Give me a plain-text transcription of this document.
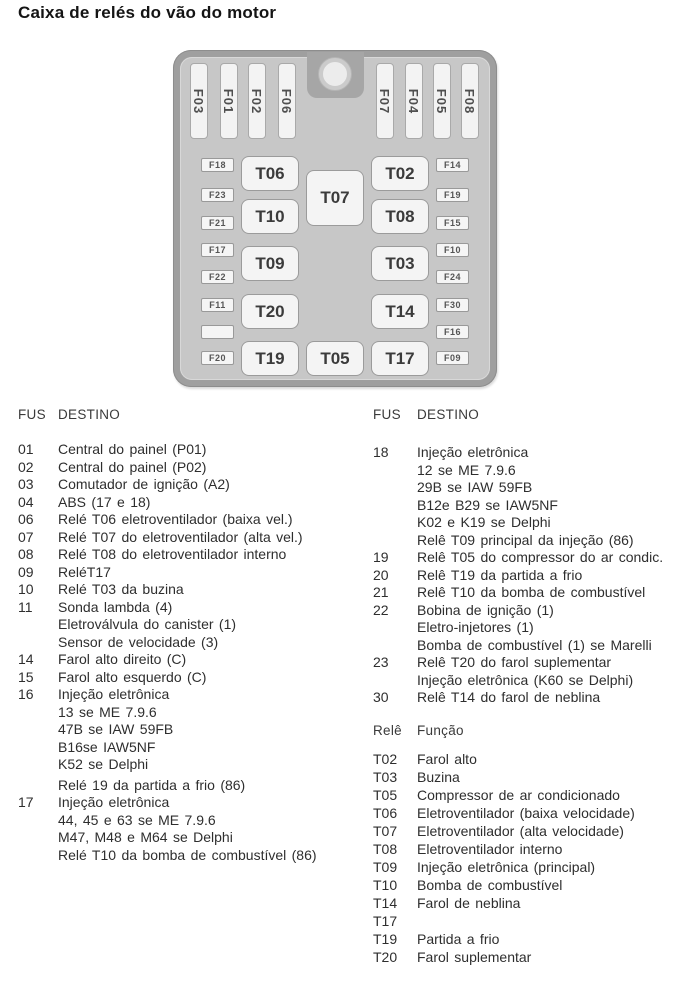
Caixa de relés do vão do motor
F03 F01 F02 F06	F07 F04 F05 F08
F18
F23
F21
F17
F22
F11
F20
F14
F19
F15
F10
F24
F30
F16
F09
T06
T10
T09
T20
T19
T02
T08
T03
T14
T17
T07
T05
FUS DESTINO
01	Central do painel (P01)
02	Central do painel (P02)
03	Comutador de ignição (A2)
04	ABS (17 e 18)
06	Relé T06 eletroventilador (baixa vel.)
07	Relé T07 do eletroventilador (alta vel.)
08	Relé T08 do eletroventilador interno
09	ReléT17
10	Relé T03 da buzina
11	Sonda lambda (4)
Eletroválvula do canister (1)
Sensor de velocidade (3)
14	Farol alto direito (C)
15	Farol alto esquerdo (C)
16	Injeção eletrônica
13 se ME 7.9.6
47B se IAW 59FB
B16se IAW5NF
K52 se Delphi
Relé 19 da partida a frio (86)
17	Injeção eletrônica
44, 45 e 63 se ME 7.9.6
M47, M48 e M64 se Delphi
Relé T10 da bomba de combustível (86)
FUS	DESTINO
18	Injeção eletrônica
12 se ME 7.9.6
29B se IAW 59FB
B12e B29 se IAW5NF
K02 e K19 se Delphi
Relê T09 principal da injeção (86)
19	Relê T05 do compressor do ar condic.
20	Relê T19 da partida a frio
21	Relê T10 da bomba de combustível
22	Bobina de ignição (1)
Eletro-injetores (1)
Bomba de combustível (1) se Marelli
23	Relê T20 do farol suplementar
Injeção eletrônica (K60 se Delphi)
30	Relê T14 do farol de neblina
Relê	Função
T02	Farol alto
T03	Buzina
T05	Compressor de ar condicionado
T06	Eletroventilador (baixa velocidade)
T07	Eletroventilador (alta velocidade)
T08	Eletroventilador interno
T09	Injeção eletrônica (principal)
T10	Bomba de combustível
T14	Farol de neblina
T17
T19	Partida a frio
T20	Farol suplementar
